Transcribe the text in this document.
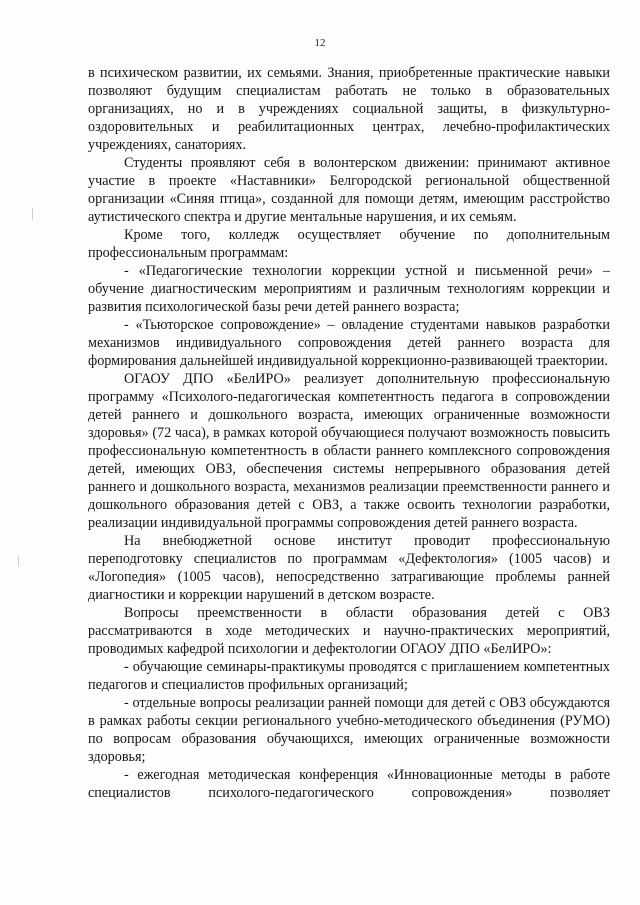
12

в психическом развитии, их семьями. Знания, приобретенные практические навыки позволяют будущим специалистам работать не только в образовательных организациях, но и в учреждениях социальной защиты, в физкультурно-оздоровительных и реабилитационных центрах, лечебно-профилактических учреждениях, санаториях.

Студенты проявляют себя в волонтерском движении: принимают активное участие в проекте «Наставники» Белгородской региональной общественной организации «Синяя птица», созданной для помощи детям, имеющим расстройство аутистического спектра и другие ментальные нарушения, и их семьям.

Кроме того, колледж осуществляет обучение по дополнительным профессиональным программам:

- «Педагогические технологии коррекции устной и письменной речи» – обучение диагностическим мероприятиям и различным технологиям коррекции и развития психологической базы речи детей раннего возраста;

- «Тьюторское сопровождение» – овладение студентами навыков разработки механизмов индивидуального сопровождения детей раннего возраста для формирования дальнейшей индивидуальной коррекционно-развивающей траектории.

ОГАОУ ДПО «БелИРО» реализует дополнительную профессиональную программу «Психолого-педагогическая компетентность педагога в сопровождении детей раннего и дошкольного возраста, имеющих ограниченные возможности здоровья» (72 часа), в рамках которой обучающиеся получают возможность повысить профессиональную компетентность в области раннего комплексного сопровождения детей, имеющих ОВЗ, обеспечения системы непрерывного образования детей раннего и дошкольного возраста, механизмов реализации преемственности раннего и дошкольного образования детей с ОВЗ, а также освоить технологии разработки, реализации индивидуальной программы сопровождения детей раннего возраста.

На внебюджетной основе институт проводит профессиональную переподготовку специалистов по программам «Дефектология» (1005 часов) и «Логопедия» (1005 часов), непосредственно затрагивающие проблемы ранней диагностики и коррекции нарушений в детском возрасте.

Вопросы преемственности в области образования детей с ОВЗ рассматриваются в ходе методических и научно-практических мероприятий, проводимых кафедрой психологии и дефектологии ОГАОУ ДПО «БелИРО»:

- обучающие семинары-практикумы проводятся с приглашением компетентных педагогов и специалистов профильных организаций;

- отдельные вопросы реализации ранней помощи для детей с ОВЗ обсуждаются в рамках работы секции регионального учебно-методического объединения (РУМО) по вопросам образования обучающихся, имеющих ограниченные возможности здоровья;

- ежегодная методическая конференция «Инновационные методы в работе специалистов психолого-педагогического сопровождения» позволяет
